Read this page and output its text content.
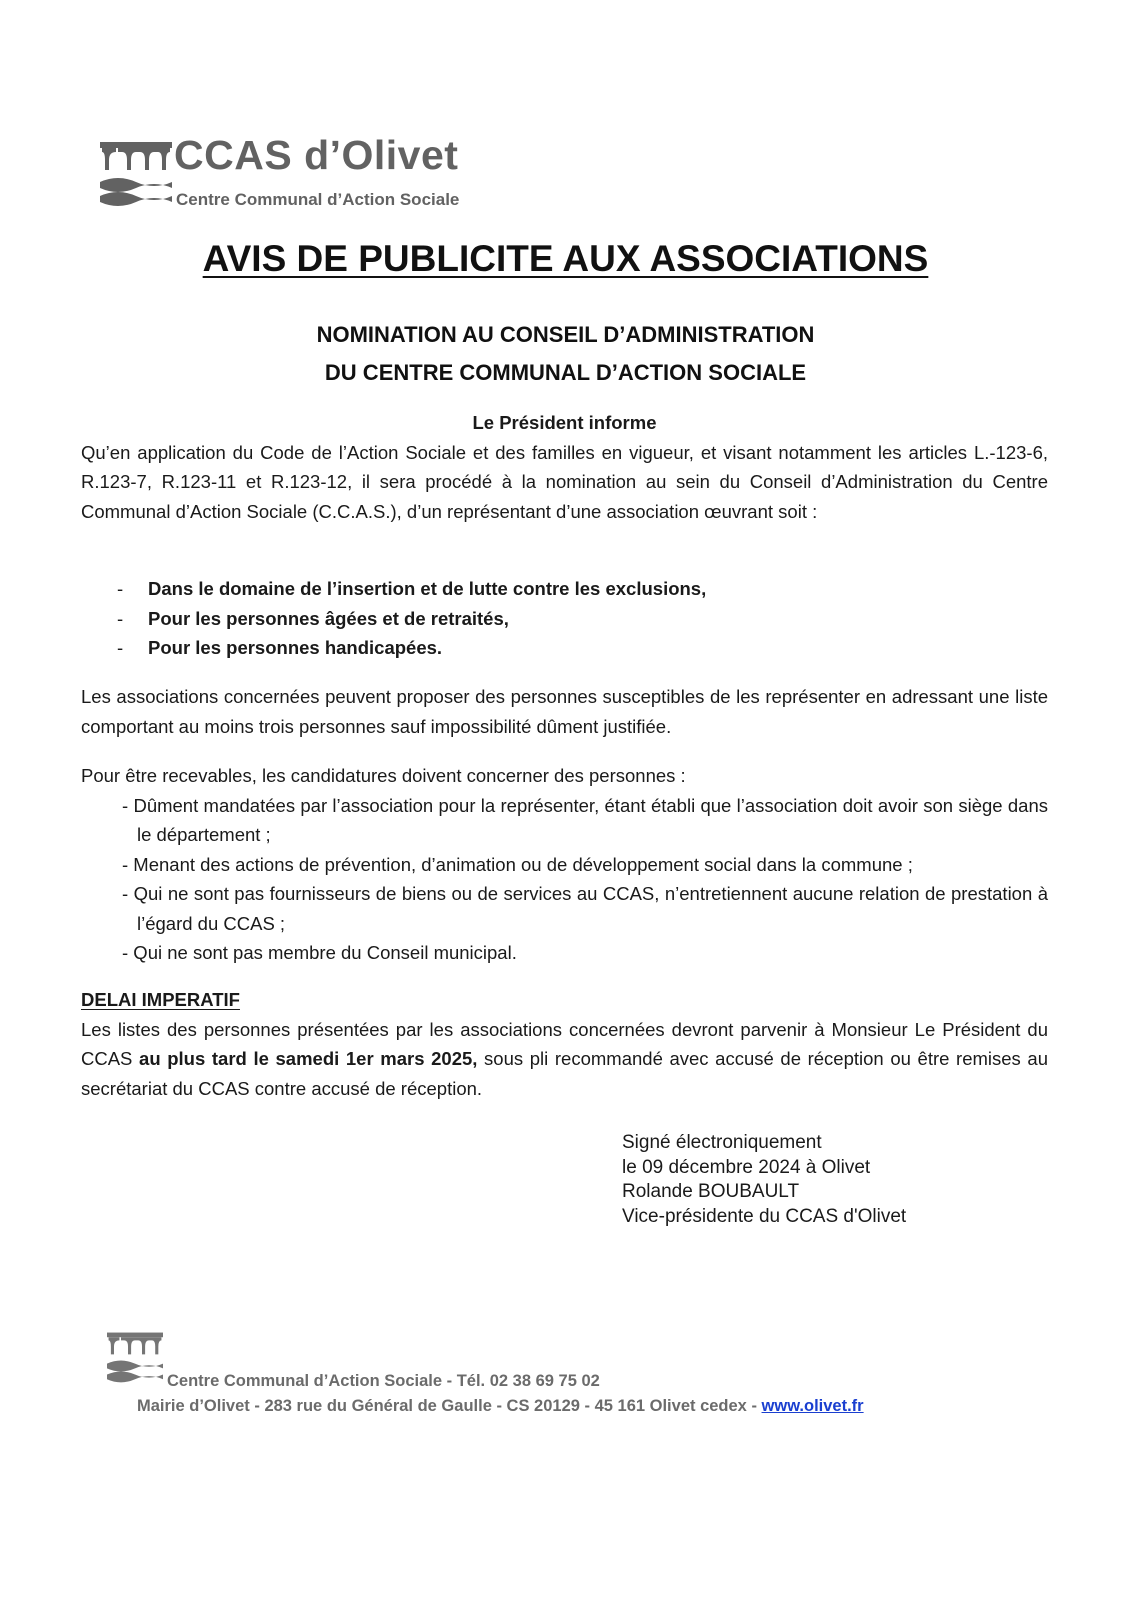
CCAS d’Olivet
Centre Communal d’Action Sociale
AVIS DE PUBLICITE AUX ASSOCIATIONS
NOMINATION AU CONSEIL D’ADMINISTRATION
DU CENTRE COMMUNAL D’ACTION SOCIALE
Le Président informe

Qu’en application du Code de l’Action Sociale et des familles en vigueur, et visant notamment les articles L.-123-6, R.123-7, R.123-11 et R.123-12, il sera procédé à la nomination au sein du Conseil d’Administration du Centre Communal d’Action Sociale (C.C.A.S.), d’un représentant d’une association œuvrant soit :

- Dans le domaine de l’insertion et de lutte contre les exclusions,
- Pour les personnes âgées et de retraités,
- Pour les personnes handicapées.

Les associations concernées peuvent proposer des personnes susceptibles de les représenter en adressant une liste comportant au moins trois personnes sauf impossibilité dûment justifiée.

Pour être recevables, les candidatures doivent concerner des personnes :
- Dûment mandatées par l’association pour la représenter, étant établi que l’association doit avoir son siège dans le département ;
- Menant des actions de prévention, d’animation ou de développement social dans la commune ;
- Qui ne sont pas fournisseurs de biens ou de services au CCAS, n’entretiennent aucune relation de prestation à l’égard du CCAS ;
- Qui ne sont pas membre du Conseil municipal.
DELAI IMPERATIF

Les listes des personnes présentées par les associations concernées devront parvenir à Monsieur Le Président du CCAS au plus tard le samedi 1er mars 2025, sous pli recommandé avec accusé de réception ou être remises au secrétariat du CCAS contre accusé de réception.

Signé électroniquement
le 09 décembre 2024 à Olivet
Rolande BOUBAULT
Vice-présidente du CCAS d'Olivet
Centre Communal d’Action Sociale - Tél. 02 38 69 75 02
Mairie d’Olivet - 283 rue du Général de Gaulle - CS 20129 - 45 161 Olivet cedex - www.olivet.fr
